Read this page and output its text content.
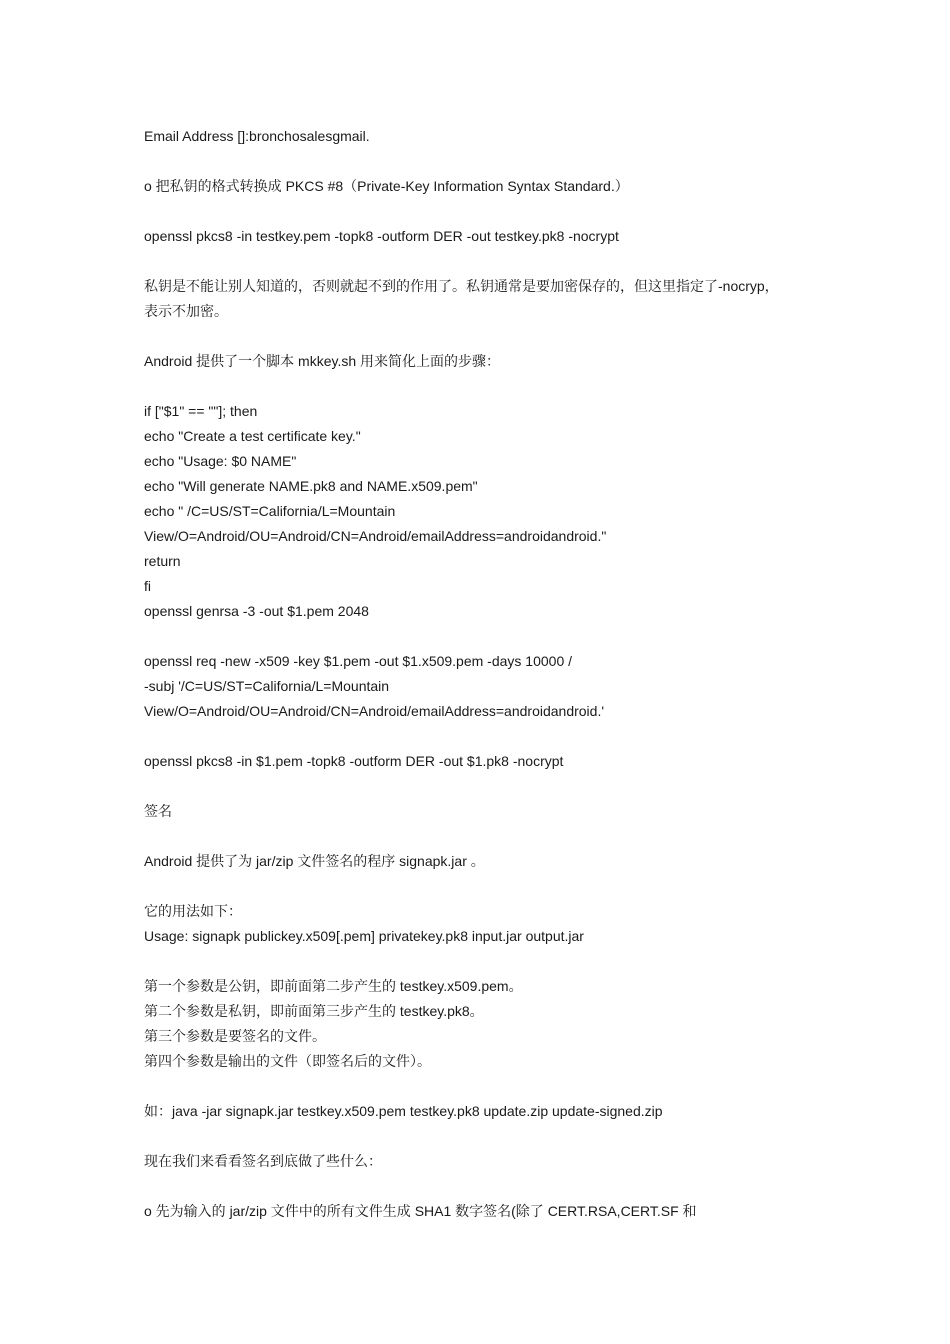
Email Address []:bronchosalesgmail.
o 把私钥的格式转换成 PKCS #8（Private-Key Information Syntax Standard.）
openssl pkcs8 -in testkey.pem -topk8 -outform DER -out testkey.pk8 -nocrypt
私钥是不能让别人知道的，否则就起不到的作用了。私钥通常是要加密保存的，但这里指定了-nocryp，
表示不加密。
Android 提供了一个脚本 mkkey.sh 用来简化上面的步骤：
if ["$1" == ""]; then
echo "Create a test certificate key."
echo "Usage: $0 NAME"
echo "Will generate NAME.pk8 and NAME.x509.pem"
echo " /C=US/ST=California/L=Mountain
View/O=Android/OU=Android/CN=Android/emailAddress=androidandroid."
return
fi
openssl genrsa -3 -out $1.pem 2048
openssl req -new -x509 -key $1.pem -out $1.x509.pem -days 10000 /
-subj '/C=US/ST=California/L=Mountain
View/O=Android/OU=Android/CN=Android/emailAddress=androidandroid.'
openssl pkcs8 -in $1.pem -topk8 -outform DER -out $1.pk8 -nocrypt
签名
Android 提供了为 jar/zip 文件签名的程序 signapk.jar 。
它的用法如下：
Usage: signapk publickey.x509[.pem] privatekey.pk8 input.jar output.jar
第一个参数是公钥，即前面第二步产生的 testkey.x509.pem。
第二个参数是私钥，即前面第三步产生的 testkey.pk8。
第三个参数是要签名的文件。
第四个参数是输出的文件（即签名后的文件）。
如：java -jar signapk.jar testkey.x509.pem testkey.pk8 update.zip update-signed.zip
现在我们来看看签名到底做了些什么：
o 先为输入的 jar/zip 文件中的所有文件生成 SHA1 数字签名(除了 CERT.RSA,CERT.SF 和
